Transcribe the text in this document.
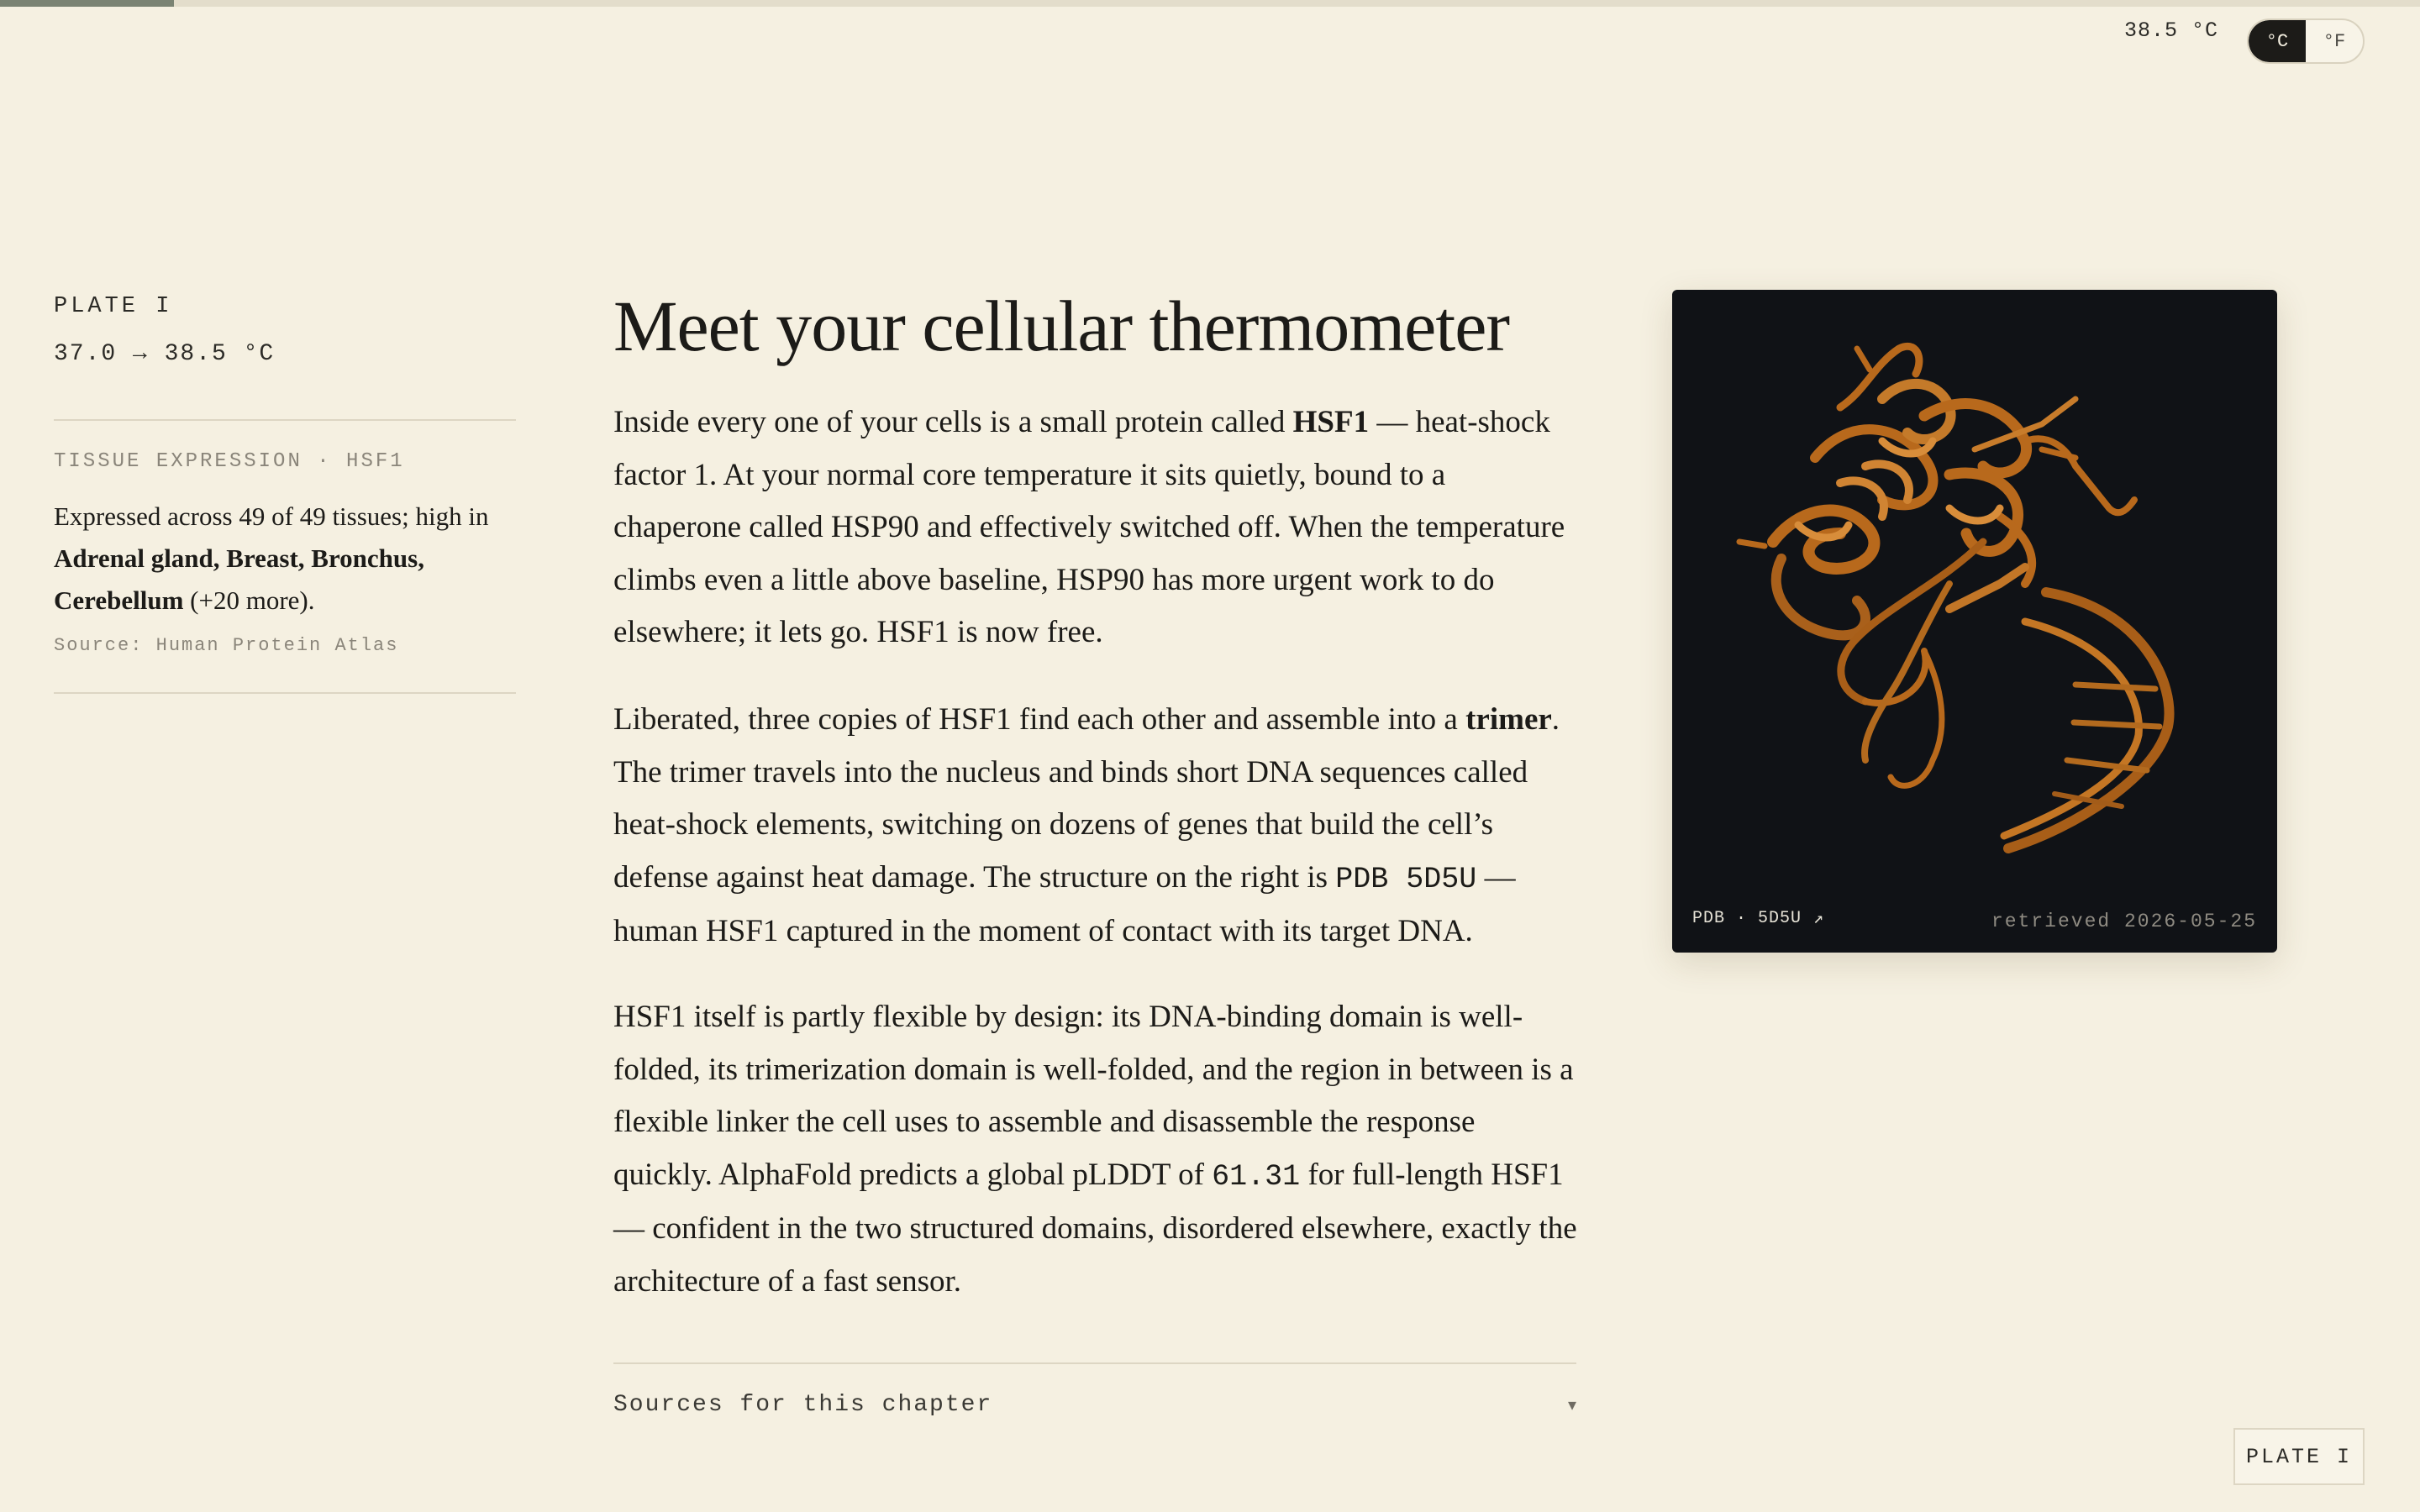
38.5 °C	°C	°F
PLATE I
37.0 → 38.5 °C
TISSUE EXPRESSION · HSF1
Expressed across 49 of 49 tissues; high in Adrenal gland, Breast, Bronchus, Cerebellum (+20 more).
Source: Human Protein Atlas
Meet your cellular thermometer

Inside every one of your cells is a small protein called HSF1 — heat-shock factor 1. At your normal core temperature it sits quietly, bound to a chaperone called HSP90 and effectively switched off. When the temperature climbs even a little above baseline, HSP90 has more urgent work to do elsewhere; it lets go. HSF1 is now free.

Liberated, three copies of HSF1 find each other and assemble into a trimer. The trimer travels into the nucleus and binds short DNA sequences called heat-shock elements, switching on dozens of genes that build the cell’s defense against heat damage. The structure on the right is PDB 5D5U — human HSF1 captured in the moment of contact with its target DNA.

HSF1 itself is partly flexible by design: its DNA-binding domain is well-folded, its trimerization domain is well-folded, and the region in between is a flexible linker the cell uses to assemble and disassemble the response quickly. AlphaFold predicts a global pLDDT of 61.31 for full-length HSF1 — confident in the two structured domains, disordered elsewhere, exactly the architecture of a fast sensor.

Sources for this chapter	▾
PDB · 5D5U ↗	retrieved 2026-05-25
PLATE I
